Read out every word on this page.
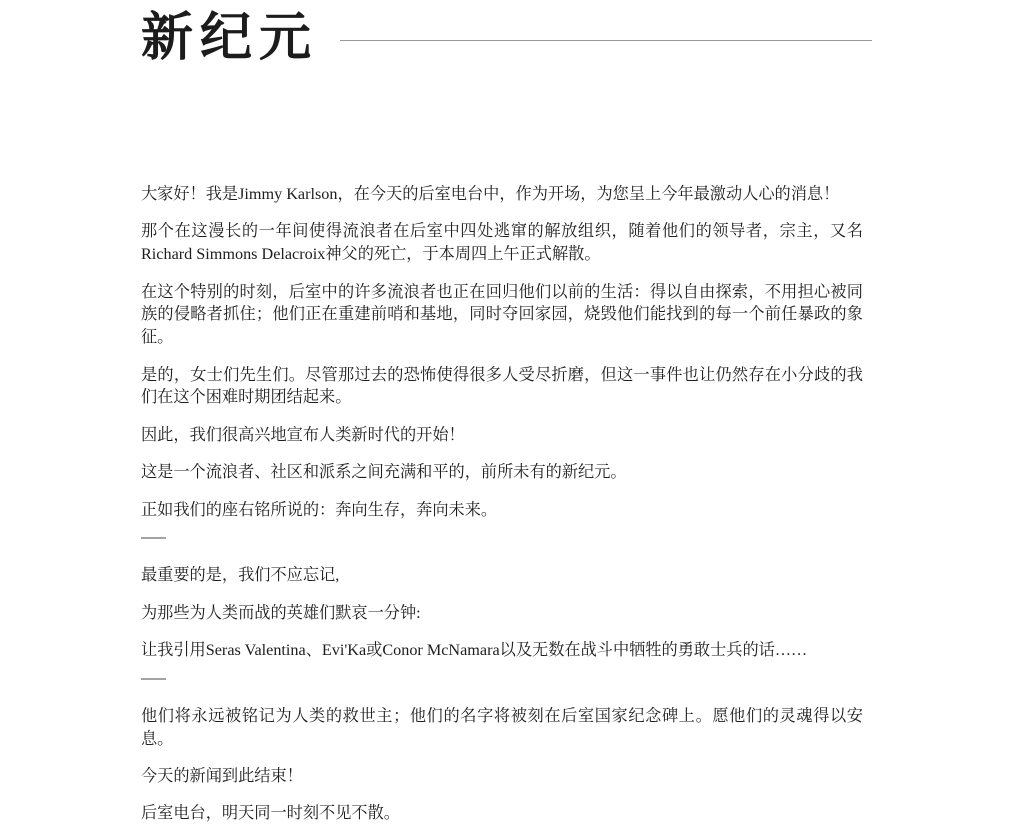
新纪元

大家好！我是Jimmy Karlson，在今天的后室电台中，作为开场，为您呈上今年最激动人心的消息！

那个在这漫长的一年间使得流浪者在后室中四处逃窜的解放组织，随着他们的领导者，宗主，又名Richard Simmons Delacroix神父的死亡，于本周四上午正式解散。

在这个特别的时刻，后室中的许多流浪者也正在回归他们以前的生活：得以自由探索，不用担心被同族的侵略者抓住；他们正在重建前哨和基地，同时夺回家园，烧毁他们能找到的每一个前任暴政的象征。

是的，女士们先生们。尽管那过去的恐怖使得很多人受尽折磨，但这一事件也让仍然存在小分歧的我们在这个困难时期团结起来。

因此，我们很高兴地宣布人类新时代的开始！

这是一个流浪者、社区和派系之间充满和平的，前所未有的新纪元。

正如我们的座右铭所说的：奔向生存，奔向未来。

最重要的是，我们不应忘记,

为那些为人类而战的英雄们默哀一分钟:

让我引用Seras Valentina、Evi'Ka或Conor McNamara以及无数在战斗中牺牲的勇敢士兵的话……

他们将永远被铭记为人类的救世主；他们的名字将被刻在后室国家纪念碑上。愿他们的灵魂得以安息。

今天的新闻到此结束！

后室电台，明天同一时刻不见不散。
